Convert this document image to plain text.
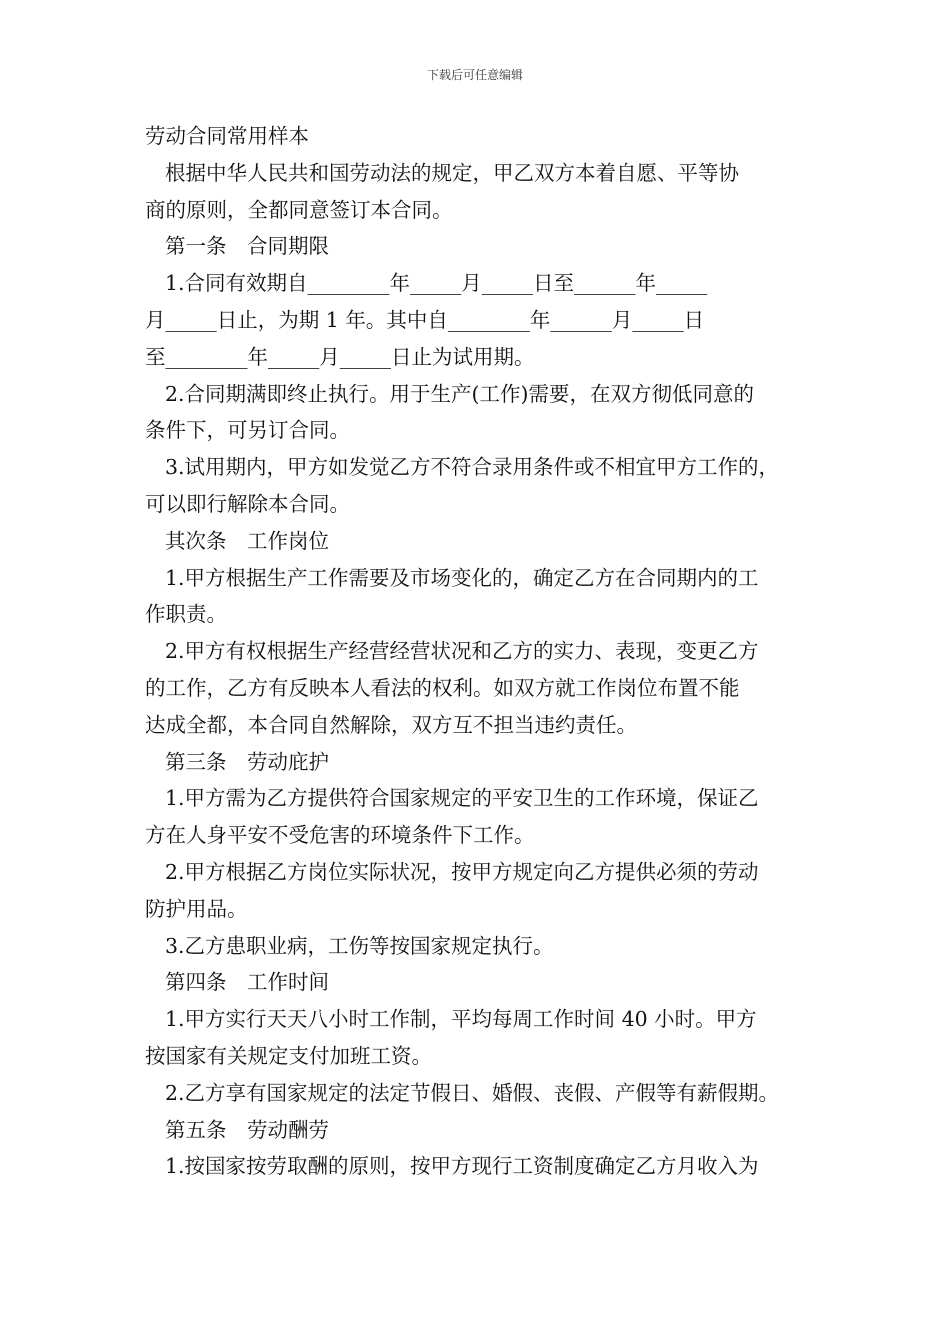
下载后可任意编辑
劳动合同常用样本
根据中华人民共和国劳动法的规定，甲乙双方本着自愿、平等协
商的原则，全都同意签订本合同。
第一条　合同期限
1.合同有效期自________年_____月_____日至______年_____
月_____日止，为期 1 年。其中自________年______月_____日
至________年_____月_____日止为试用期。
2.合同期满即终止执行。用于生产(工作)需要，在双方彻低同意的
条件下，可另订合同。
3.试用期内，甲方如发觉乙方不符合录用条件或不相宜甲方工作的，
可以即行解除本合同。
其次条　工作岗位
1.甲方根据生产工作需要及市场变化的，确定乙方在合同期内的工
作职责。
2.甲方有权根据生产经营经营状况和乙方的实力、表现，变更乙方
的工作，乙方有反映本人看法的权利。如双方就工作岗位布置不能
达成全都，本合同自然解除，双方互不担当违约责任。
第三条　劳动庇护
1.甲方需为乙方提供符合国家规定的平安卫生的工作环境，保证乙
方在人身平安不受危害的环境条件下工作。
2.甲方根据乙方岗位实际状况，按甲方规定向乙方提供必须的劳动
防护用品。
3.乙方患职业病，工伤等按国家规定执行。
第四条　工作时间
1.甲方实行天天八小时工作制，平均每周工作时间 40 小时。甲方
按国家有关规定支付加班工资。
2.乙方享有国家规定的法定节假日、婚假、丧假、产假等有薪假期。
第五条　劳动酬劳
1.按国家按劳取酬的原则，按甲方现行工资制度确定乙方月收入为
